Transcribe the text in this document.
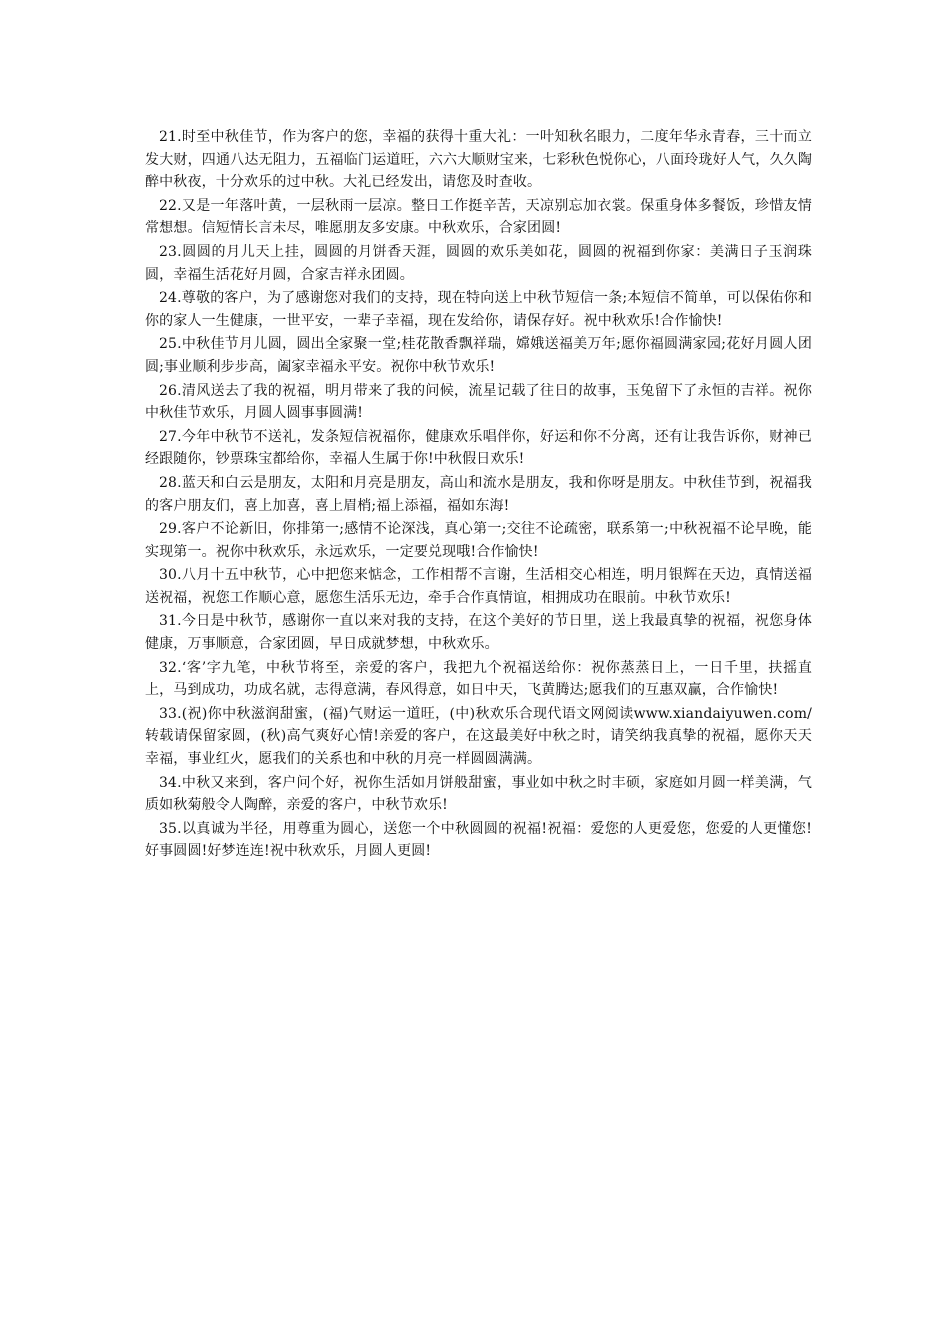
21.时至中秋佳节，作为客户的您，幸福的获得十重大礼：一叶知秋名眼力，二度年华永青春，三十而立发大财，四通八达无阻力，五福临门运道旺，六六大顺财宝来，七彩秋色悦你心，八面玲珑好人气，久久陶醉中秋夜，十分欢乐的过中秋。大礼已经发出，请您及时查收。

22.又是一年落叶黄，一层秋雨一层凉。整日工作挺辛苦，天凉别忘加衣裳。保重身体多餐饭，珍惜友情常想想。信短情长言未尽，唯愿朋友多安康。中秋欢乐，合家团圆!

23.圆圆的月儿天上挂，圆圆的月饼香天涯，圆圆的欢乐美如花，圆圆的祝福到你家：美满日子玉润珠圆，幸福生活花好月圆，合家吉祥永团圆。

24.尊敬的客户，为了感谢您对我们的支持，现在特向送上中秋节短信一条;本短信不简单，可以保佑你和你的家人一生健康，一世平安，一辈子幸福，现在发给你，请保存好。祝中秋欢乐!合作愉快!

25.中秋佳节月儿圆，圆出全家聚一堂;桂花散香飘祥瑞，嫦娥送福美万年;愿你福圆满家园;花好月圆人团圆;事业顺利步步高，阖家幸福永平安。祝你中秋节欢乐!

26.清风送去了我的祝福，明月带来了我的问候，流星记载了往日的故事，玉兔留下了永恒的吉祥。祝你中秋佳节欢乐，月圆人圆事事圆满!

27.今年中秋节不送礼，发条短信祝福你，健康欢乐唱伴你，好运和你不分离，还有让我告诉你，财神已经跟随你，钞票珠宝都给你，幸福人生属于你!中秋假日欢乐!

28.蓝天和白云是朋友，太阳和月亮是朋友，高山和流水是朋友，我和你呀是朋友。中秋佳节到，祝福我的客户朋友们，喜上加喜，喜上眉梢;福上添福，福如东海!

29.客户不论新旧，你排第一;感情不论深浅，真心第一;交往不论疏密，联系第一;中秋祝福不论早晚，能实现第一。祝你中秋欢乐，永远欢乐，一定要兑现哦!合作愉快!

30.八月十五中秋节，心中把您来惦念，工作相帮不言谢，生活相交心相连，明月银辉在天边，真情送福送祝福，祝您工作顺心意，愿您生活乐无边，牵手合作真情谊，相拥成功在眼前。中秋节欢乐!

31.今日是中秋节，感谢你一直以来对我的支持，在这个美好的节日里，送上我最真挚的祝福，祝您身体健康，万事顺意，合家团圆，早日成就梦想，中秋欢乐。

32.‘客’字九笔，中秋节将至，亲爱的客户，我把九个祝福送给你：祝你蒸蒸日上，一日千里，扶摇直上，马到成功，功成名就，志得意满，春风得意，如日中天，飞黄腾达;愿我们的互惠双赢，合作愉快!

33.(祝)你中秋滋润甜蜜，(福)气财运一道旺，(中)秋欢乐合现代语文网阅读www.xiandaiyuwen.com/转载请保留家圆，(秋)高气爽好心情!亲爱的客户，在这最美好中秋之时，请笑纳我真挚的祝福，愿你天天幸福，事业红火，愿我们的关系也和中秋的月亮一样圆圆满满。

34.中秋又来到，客户问个好，祝你生活如月饼般甜蜜，事业如中秋之时丰硕，家庭如月圆一样美满，气质如秋菊般令人陶醉，亲爱的客户，中秋节欢乐!

35.以真诚为半径，用尊重为圆心，送您一个中秋圆圆的祝福!祝福：爱您的人更爱您，您爱的人更懂您!好事圆圆!好梦连连!祝中秋欢乐，月圆人更圆!
